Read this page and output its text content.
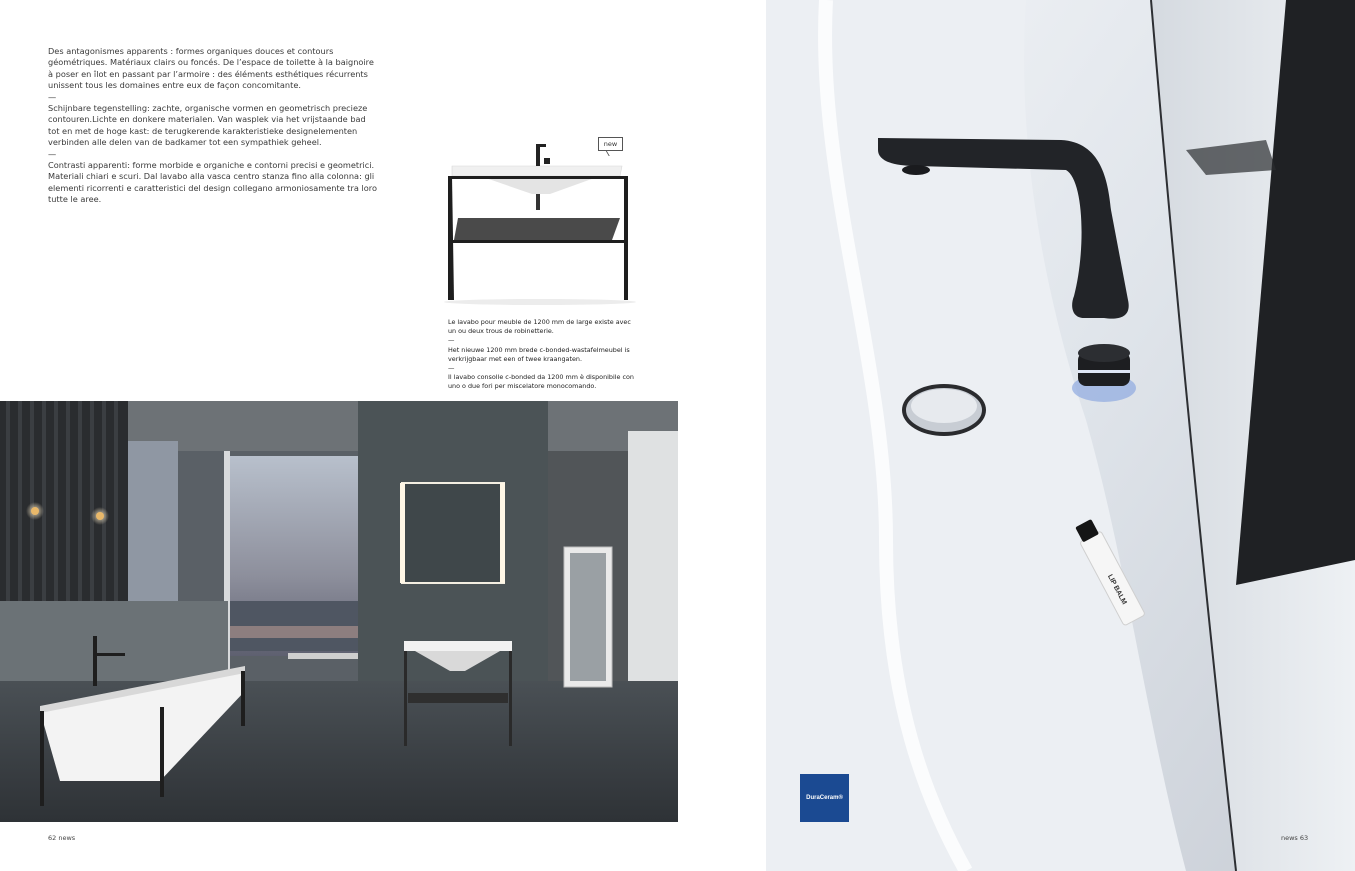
Des antagonismes apparents : formes organiques douces et contours géométriques. Matériaux clairs ou foncés. De l’espace de toilette à la baignoire à poser en îlot en passant par l’armoire : des éléments esthétiques récurrents unissent tous les domaines entre eux de façon concomitante.

—

Schijnbare tegenstelling: zachte, organische vormen en geometrisch precieze contouren.Lichte en donkere materialen. Van wasplek via het vrijstaande bad tot en met de hoge kast: de terugkerende karakteristieke designelementen verbinden alle delen van de badkamer tot een sympathiek geheel.

—

Contrasti apparenti: forme morbide e organiche e contorni precisi e geometrici. Materiali chiari e scuri. Dal lavabo alla vasca centro stanza fino alla colonna: gli elementi ricorrenti e caratteristici del design collegano armoniosamente tra loro tutte le aree.

new

Le lavabo pour meuble de 1200 mm de large existe avec un ou deux trous de robinetterie.

—

Het nieuwe 1200 mm brede c-bonded-wastafelmeubel is verkrijgbaar met een of twee kraangaten.

—

Il lavabo consolle c-bonded da 1200 mm è disponibile con uno o due fori per miscelatore monocomando.

62 news
LIP BALM
DuraCeram®
news 63
